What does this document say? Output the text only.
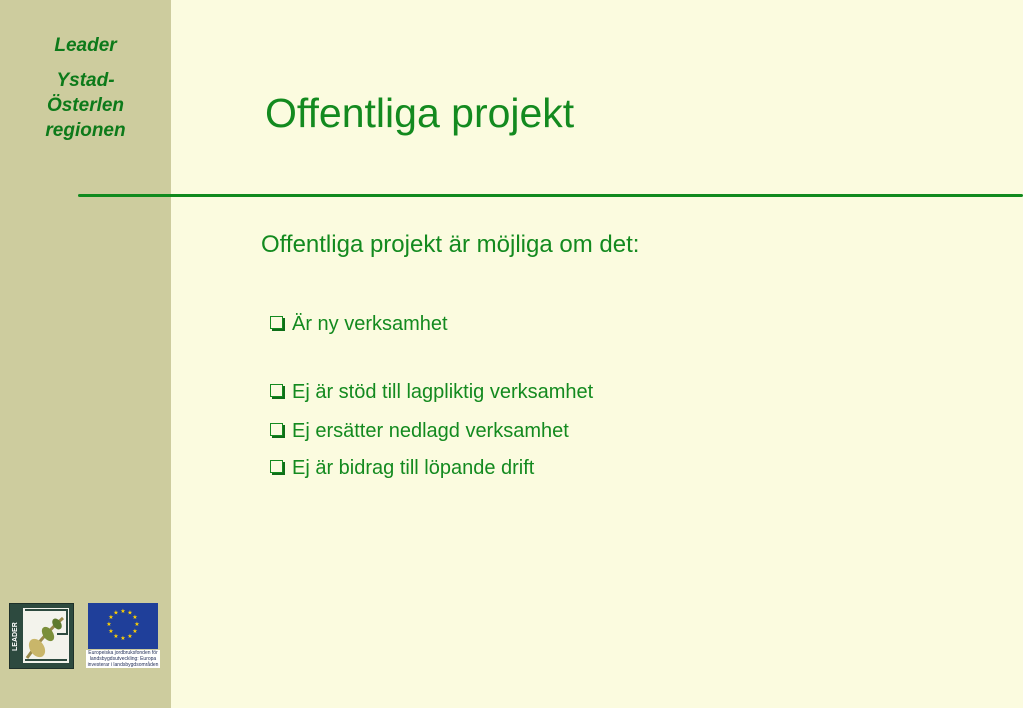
Leader
Ystad-
Österlen
regionen
LEADER
★ ★
★
★
★
★
★
★
★
★
★
★
Europeiska jordbruksfonden för landsbygdsutveckling: Europa investerar i landsbygdsområden
Offentliga projekt

Offentliga projekt är möjliga om det:

Är ny verksamhet
Ej är stöd till lagpliktig verksamhet
Ej ersätter nedlagd verksamhet
Ej är bidrag till löpande drift
